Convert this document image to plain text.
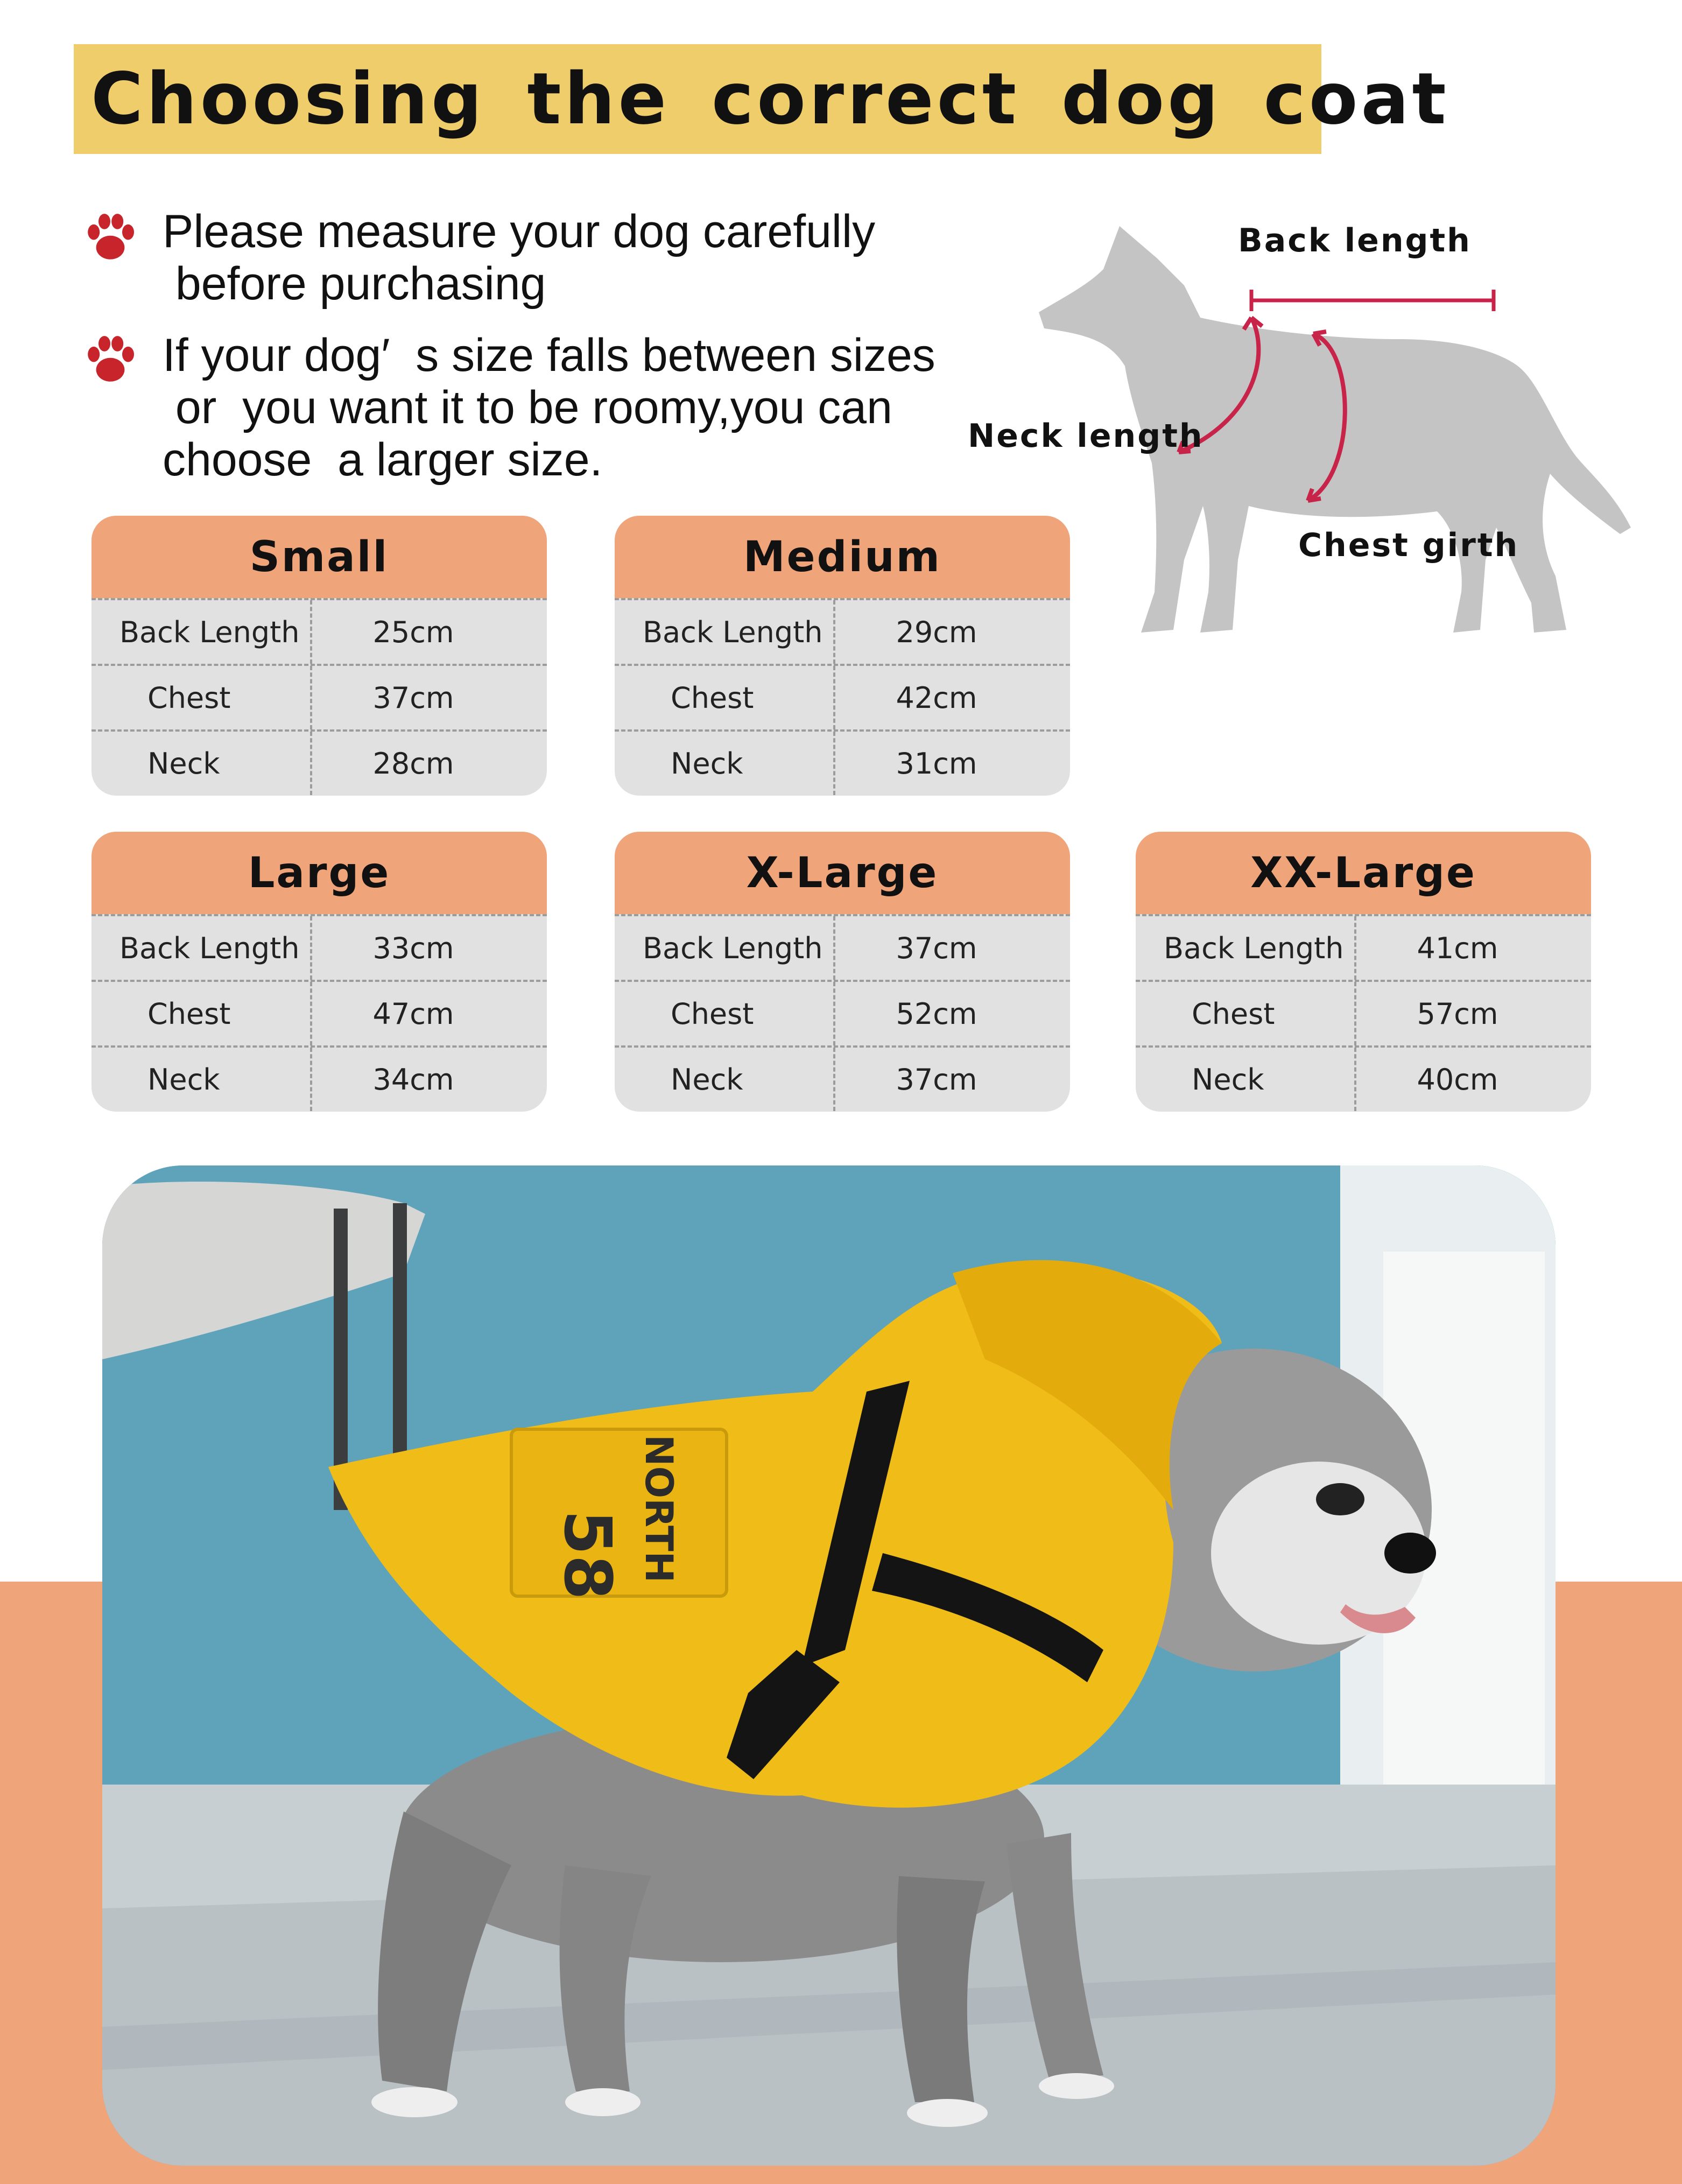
Choosing the correct dog coat
Please measure your dog carefully
before purchasing
If your dog′  s size falls between sizes
or  you want it to be roomy,you can
choose  a larger size.
Back length
Neck length
Chest girth
Small
Back Length	25cm
Chest	37cm
Neck	28cm
Medium
Back Length	29cm
Chest	42cm
Neck	31cm
Large
Back Length	33cm
Chest	47cm
Neck	34cm
X-Large
Back Length	37cm
Chest	52cm
Neck	37cm
XX-Large
Back Length	41cm
Chest	57cm
Neck	40cm
58 NORTH
